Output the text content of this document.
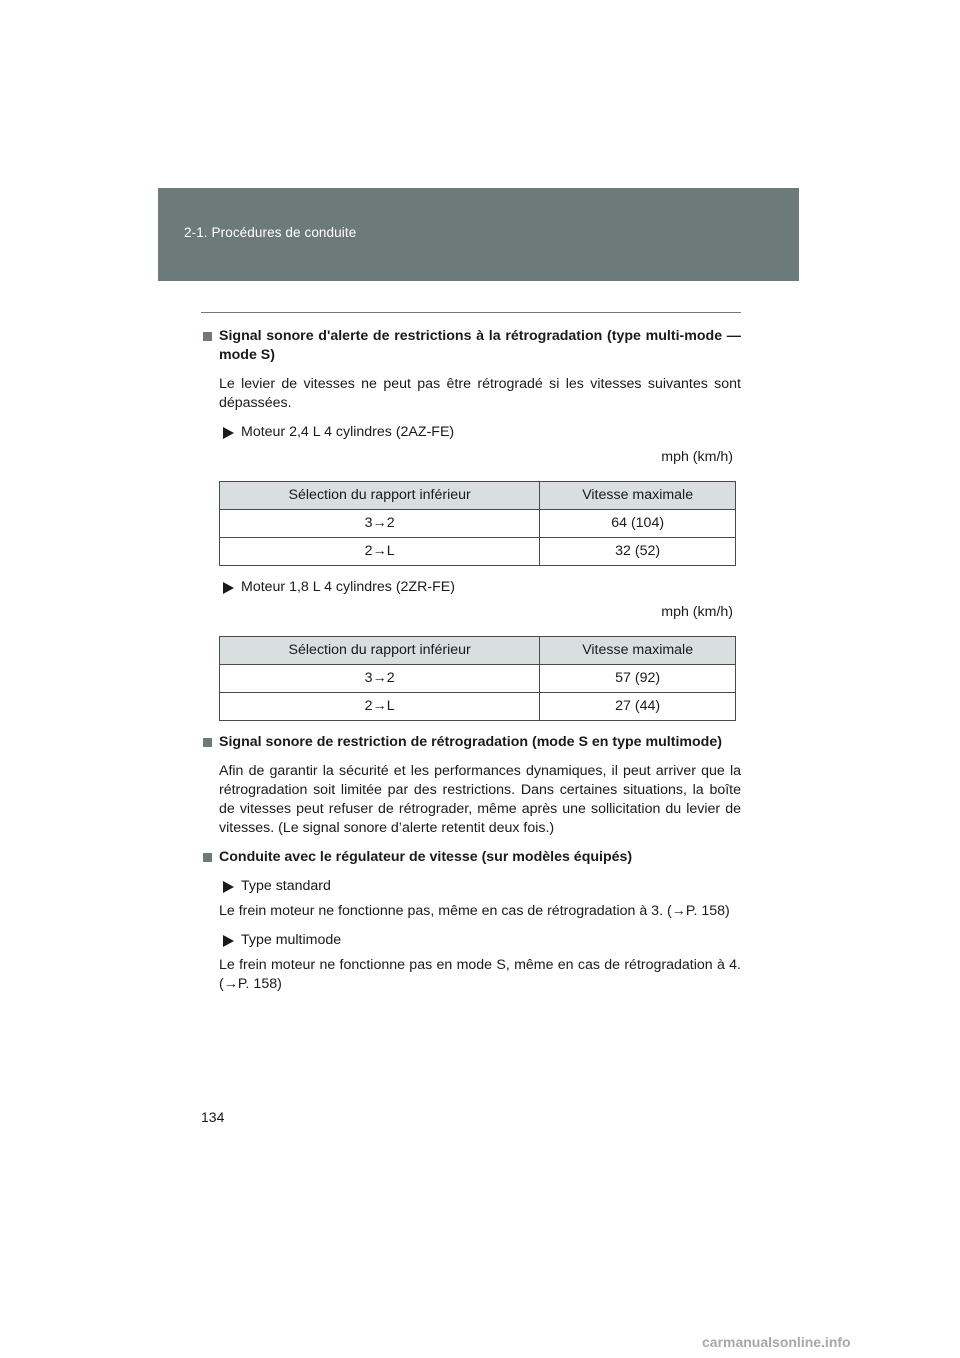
2-1. Procédures de conduite
Signal sonore d'alerte de restrictions à la rétrogradation (type multi-mode — mode S)

Le levier de vitesses ne peut pas être rétrogradé si les vitesses suivantes sont dépassées.

Moteur 2,4 L 4 cylindres (2AZ-FE)
mph (km/h)
Sélection du rapport inférieur	Vitesse maximale
3→2	64 (104)
2→L	32 (52)
Moteur 1,8 L 4 cylindres (2ZR-FE)
mph (km/h)
Sélection du rapport inférieur	Vitesse maximale
3→2	57 (92)
2→L	27 (44)
Signal sonore de restriction de rétrogradation (mode S en type multimode)

Afin de garantir la sécurité et les performances dynamiques, il peut arriver que la rétrogradation soit limitée par des restrictions. Dans certaines situations, la boîte de vitesses peut refuser de rétrograder, même après une sollicitation du levier de vitesses. (Le signal sonore d’alerte retentit deux fois.)

Conduite avec le régulateur de vitesse (sur modèles équipés)
Type standard

Le frein moteur ne fonctionne pas, même en cas de rétrogradation à 3. (→P. 158)

Type multimode

Le frein moteur ne fonctionne pas en mode S, même en cas de rétrogradation à 4. (→P. 158)

134
carmanualsonline.info
